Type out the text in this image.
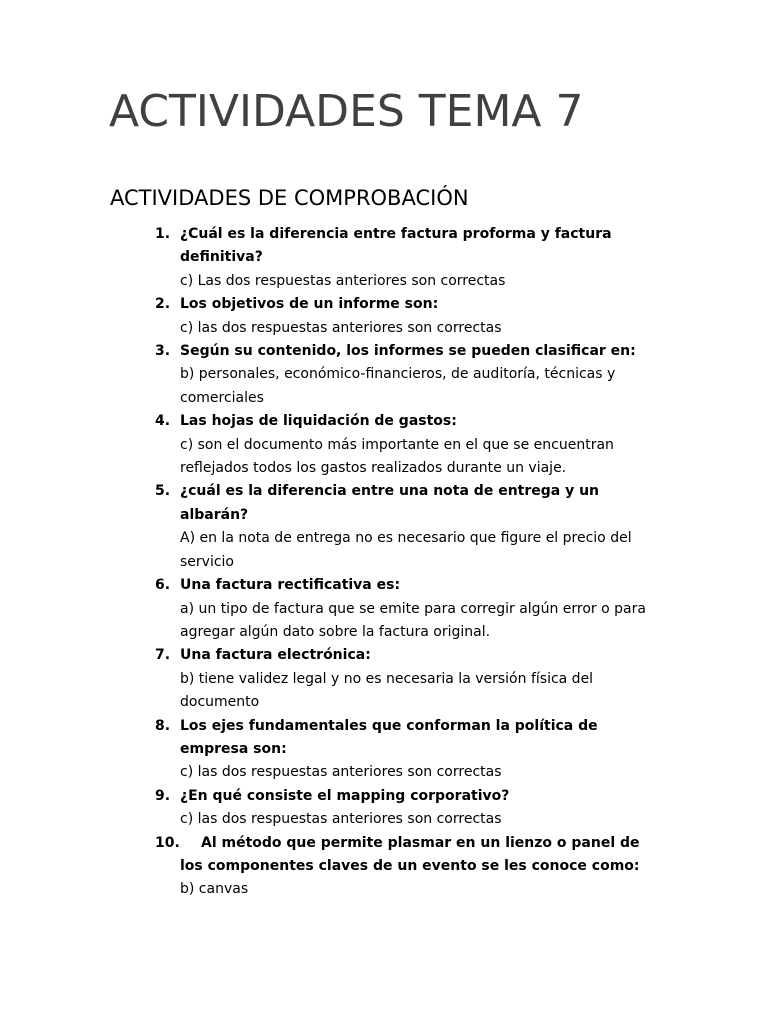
ACTIVIDADES TEMA 7
ACTIVIDADES DE COMPROBACIÓN
1. ¿Cuál es la diferencia entre factura proforma y factura definitiva?
c) Las dos respuestas anteriores son correctas
2. Los objetivos de un informe son:
c) las dos respuestas anteriores son correctas
3. Según su contenido, los informes se pueden clasificar en:
b) personales, económico-financieros, de auditoría, técnicas y comerciales
4. Las hojas de liquidación de gastos:
c) son el documento más importante en el que se encuentran reflejados todos los gastos realizados durante un viaje.
5. ¿cuál es la diferencia entre una nota de entrega y un albarán?
A) en la nota de entrega no es necesario que figure el precio del servicio
6. Una factura rectificativa es:
a) un tipo de factura que se emite para corregir algún error o para agregar algún dato sobre la factura original.
7. Una factura electrónica:
b) tiene validez legal y no es necesaria la versión física del documento
8. Los ejes fundamentales que conforman la política de empresa son:
c) las dos respuestas anteriores son correctas
9. ¿En qué consiste el mapping corporativo?
c) las dos respuestas anteriores son correctas
10.	Al método que permite plasmar en un lienzo o panel de los componentes claves de un evento se les conoce como:
b) canvas
